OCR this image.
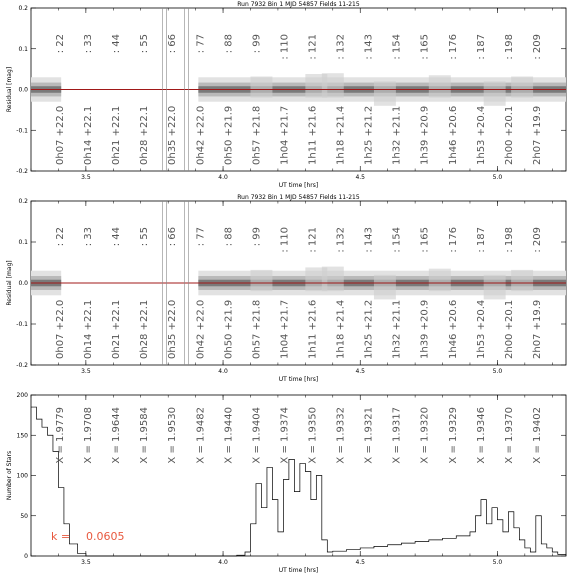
3.5	4.0	4.5	5.0
0.2
0.1
0.0
-0.1
-0.2
UT time [hrs]
Residual [mag]
Run 7932 Bin 1 MJD 54857 Fields 11-215
: 22 : 33 : 44 : 55 : 66 : 77 : 88 : 99 : 110 : 121 : 132 : 143 : 154 : 165 : 176 : 187 : 198 : 209
0h07 +22.0 0h14 +22.1 0h21 +22.1 0h28 +22.1 0h35 +22.0 0h42 +22.0 0h50 +21.9 0h57 +21.8 1h04 +21.7 1h11 +21.6 1h18 +21.4 1h25 +21.2 1h32 +21.1 1h39 +20.9 1h46 +20.6 1h53 +20.4 2h00 +20.1 2h07 +19.9
3.5	4.0	4.5	5.0
0.2
0.1
0.0
-0.1
-0.2
UT time [hrs]
Residual [mag]
Run 7932 Bin 1 MJD 54857 Fields 11-215
: 22 : 33 : 44 : 55 : 66 : 77 : 88 : 99 : 110 : 121 : 132 : 143 : 154 : 165 : 176 : 187 : 198 : 209
0h07 +22.0 0h14 +22.1 0h21 +22.1 0h28 +22.1 0h35 +22.0 0h42 +22.0 0h50 +21.9 0h57 +21.8 1h04 +21.7 1h11 +21.6 1h18 +21.4 1h25 +21.2 1h32 +21.1 1h39 +20.9 1h46 +20.6 1h53 +20.4 2h00 +20.1 2h07 +19.9
3.5	4.0	4.5	5.0
0
50
100
150
200
UT time [hrs]
Number of Stars
X = 1.9779 X = 1.9708 X = 1.9644 X = 1.9584 X = 1.9530 X = 1.9482 X = 1.9440 X = 1.9404 X = 1.9374 X = 1.9350 X = 1.9332 X = 1.9321 X = 1.9317 X = 1.9320 X = 1.9329 X = 1.9346 X = 1.9370 X = 1.9402
k = 0.0605
